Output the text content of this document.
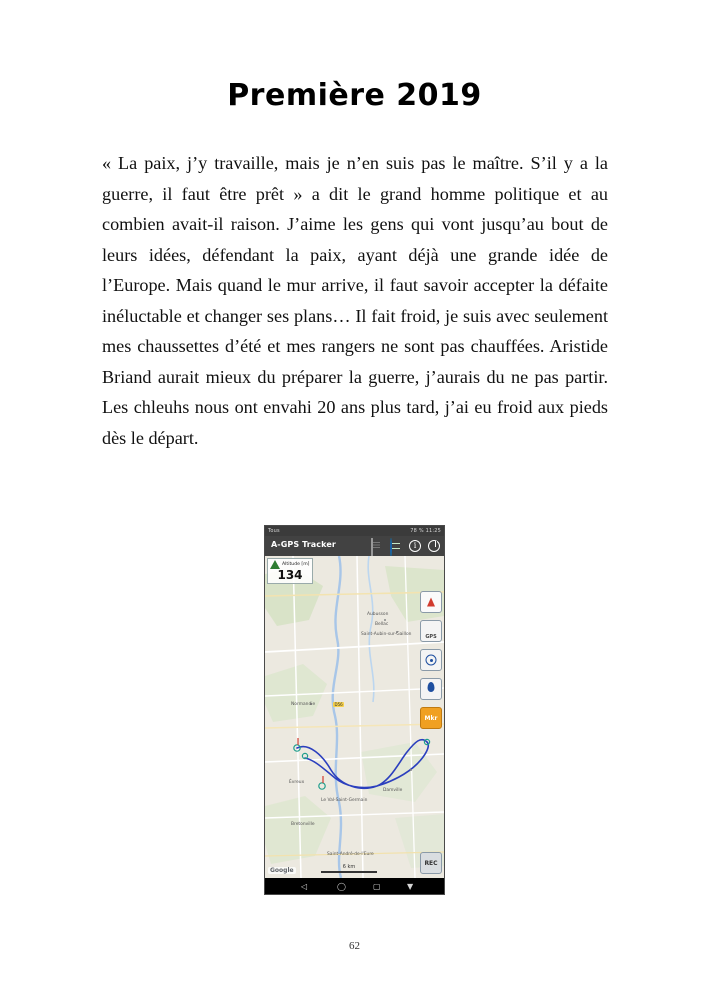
Première 2019

« La paix, j’y travaille, mais je n’en suis pas le maître. S’il y a la guerre, il faut être prêt » a dit le grand homme politique et au combien avait-il raison. J’aime les gens qui vont jusqu’au bout de leurs idées, défendant la paix, ayant déjà une grande idée de l’Europe. Mais quand le mur arrive, il faut savoir accepter la défaite inéluctable et changer ses plans… Il fait froid, je suis avec seulement mes chaussettes d’été et mes rangers ne sont pas chauffées. Aristide Briand aurait mieux du préparer la guerre, j’aurais du ne pas partir. Les chleuhs nous ont envahi 20 ans plus tard, j’ai eu froid aux pieds dès le départ.

Tous	78 % 11:25
A-GPS Tracker	i
Aubusson
Bellac
Saint-Aubin-sur-Gaillon
Normandie	D56
Évreux
Le Val-Saint-Germain
Damville
Bretonville
Saint-André-de-l'Eure
Altitude [m]
134
GPS
Mkr
REC
Google	6 km
◁	◯	▢	▼
62
